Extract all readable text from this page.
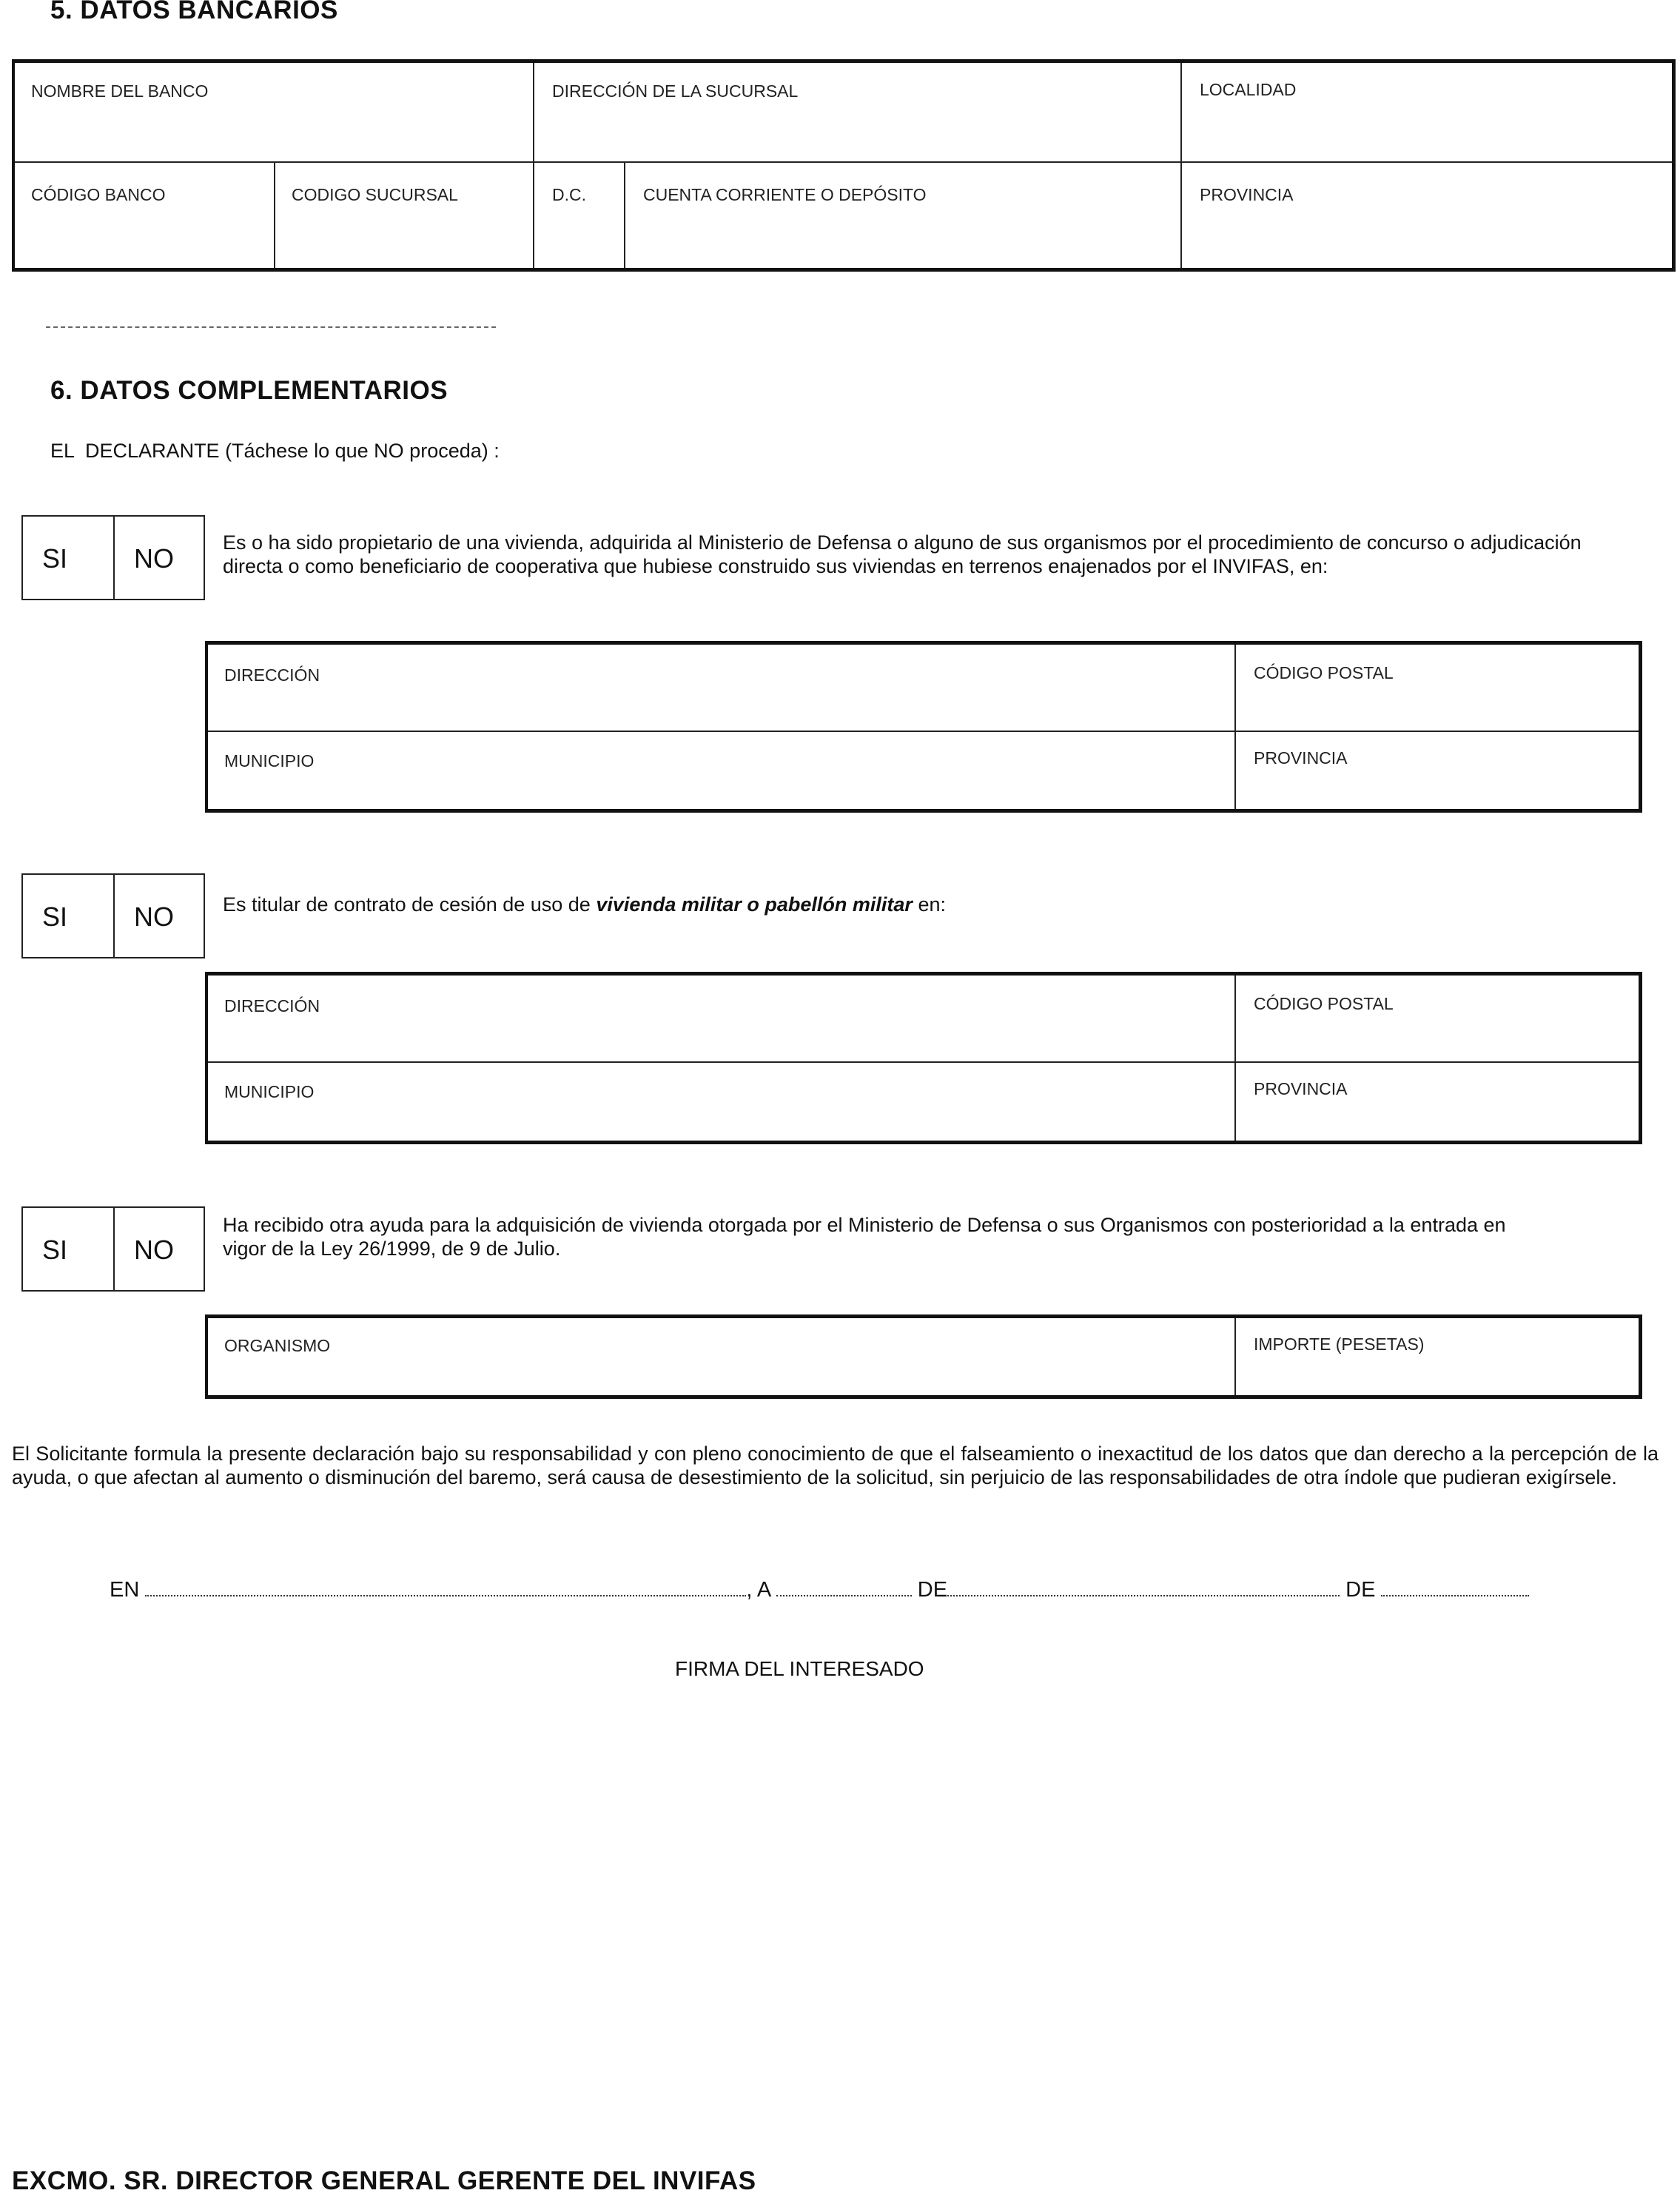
5. DATOS BANCARIOS
NOMBRE DEL BANCO	DIRECCIÓN DE LA SUCURSAL	LOCALIDAD
CÓDIGO BANCO	CODIGO SUCURSAL	D.C.	CUENTA CORRIENTE O DEPÓSITO	PROVINCIA
6. DATOS COMPLEMENTARIOS
EL  DECLARANTE (Táchese lo que NO proceda) :
SI NO
Es o ha sido propietario de una vivienda, adquirida al Ministerio de Defensa o alguno de sus organismos por el procedimiento de concurso o adjudicación directa o como beneficiario de cooperativa que hubiese construido sus viviendas en terrenos enajenados por el INVIFAS, en:
DIRECCIÓN	CÓDIGO POSTAL
MUNICIPIO	PROVINCIA
SI NO Es titular de contrato de cesión de uso de vivienda militar o pabellón militar en:
DIRECCIÓN	CÓDIGO POSTAL
MUNICIPIO	PROVINCIA
SI NO
Ha recibido otra ayuda para la adquisición de vivienda otorgada por el Ministerio de Defensa o sus Organismos con posterioridad a la entrada en vigor de la Ley 26/1999, de 9 de Julio.
ORGANISMO	IMPORTE (PESETAS)
El Solicitante formula la presente declaración bajo su responsabilidad y con pleno conocimiento de que el falseamiento o inexactitud de los datos que dan derecho a la percepción de la ayuda, o que afectan al aumento o disminución del baremo, será causa de desestimiento de la solicitud, sin perjuicio de las responsabilidades de otra índole que pudieran exigírsele.
EN	, A	DE	DE
FIRMA DEL INTERESADO
EXCMO. SR. DIRECTOR GENERAL GERENTE DEL INVIFAS
